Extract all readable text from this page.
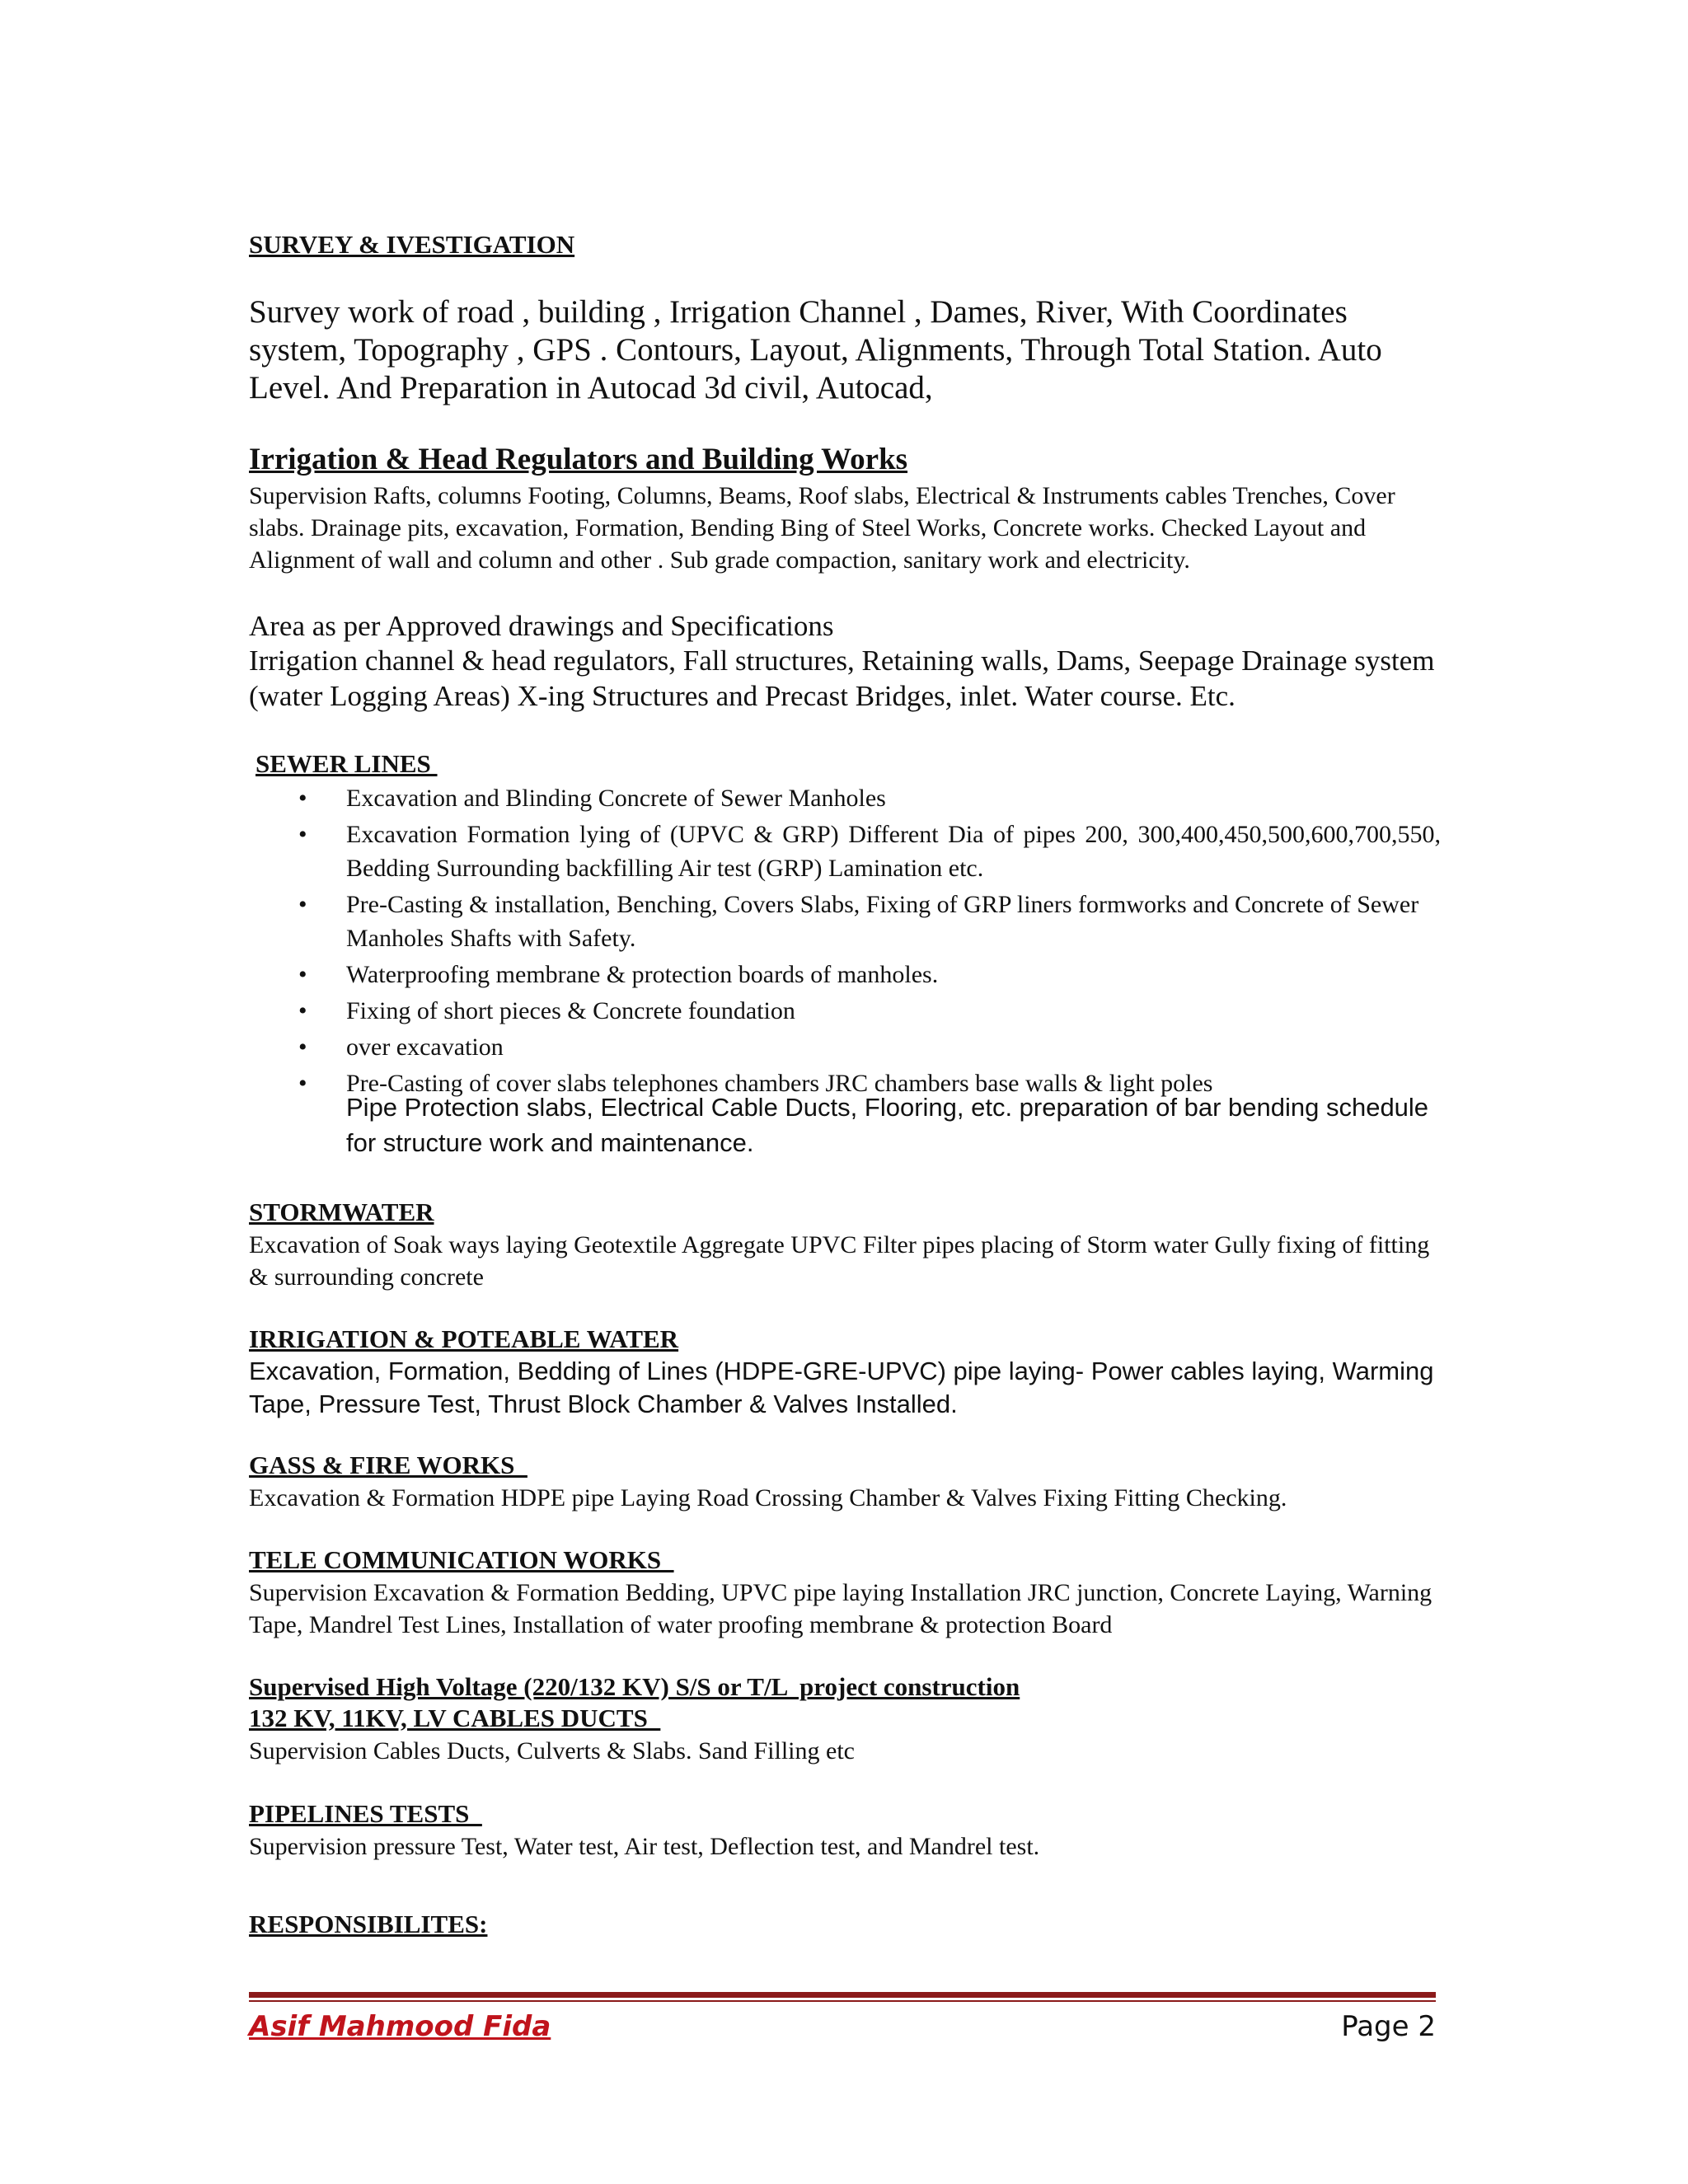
SURVEY & IVESTIGATION

Survey work of road , building , Irrigation Channel , Dames, River, With Coordinates system, Topography , GPS . Contours, Layout, Alignments, Through Total Station. Auto Level. And Preparation in Autocad 3d civil, Autocad,

Irrigation & Head Regulators and Building Works

Supervision Rafts, columns Footing, Columns, Beams, Roof slabs, Electrical & Instruments cables Trenches, Cover slabs. Drainage pits, excavation, Formation, Bending Bing of Steel Works, Concrete works. Checked Layout and Alignment of wall and column and other . Sub grade compaction, sanitary work and electricity.

Area as per Approved drawings and Specifications

Irrigation channel & head regulators, Fall structures, Retaining walls, Dams, Seepage Drainage system (water Logging Areas) X-ing Structures and Precast Bridges, inlet. Water course. Etc.

SEWER LINES
• Excavation and Blinding Concrete of Sewer Manholes
• Excavation Formation lying of (UPVC & GRP) Different Dia of pipes 200, 300,400,450,500,600,700,550, Bedding Surrounding backfilling Air test (GRP) Lamination etc.
• Pre-Casting & installation, Benching, Covers Slabs, Fixing of GRP liners formworks and Concrete of Sewer Manholes Shafts with Safety.
• Waterproofing membrane & protection boards of manholes.
• Fixing of short pieces & Concrete foundation
• over excavation
• Pre-Casting of cover slabs telephones chambers JRC chambers base walls & light poles

Pipe Protection slabs, Electrical Cable Ducts, Flooring, etc. preparation of bar bending schedule for structure work and maintenance.

STORMWATER

Excavation of Soak ways laying Geotextile Aggregate UPVC Filter pipes placing of Storm water Gully fixing of fitting & surrounding concrete

IRRIGATION & POTEABLE WATER

Excavation, Formation, Bedding of Lines (HDPE-GRE-UPVC) pipe laying- Power cables laying, Warming Tape, Pressure Test, Thrust Block Chamber & Valves Installed.

GASS & FIRE WORKS

Excavation & Formation HDPE pipe Laying Road Crossing Chamber & Valves Fixing Fitting Checking.

TELE COMMUNICATION WORKS

Supervision Excavation & Formation Bedding, UPVC pipe laying Installation JRC junction, Concrete Laying, Warning Tape, Mandrel Test Lines, Installation of water proofing membrane & protection Board

Supervised High Voltage (220/132 KV) S/S or T/L  project construction
132 KV, 11KV, LV CABLES DUCTS

Supervision Cables Ducts, Culverts & Slabs. Sand Filling etc

PIPELINES TESTS

Supervision pressure Test, Water test, Air test, Deflection test, and Mandrel test.

RESPONSIBILITES:
Asif Mahmood Fida	Page 2
